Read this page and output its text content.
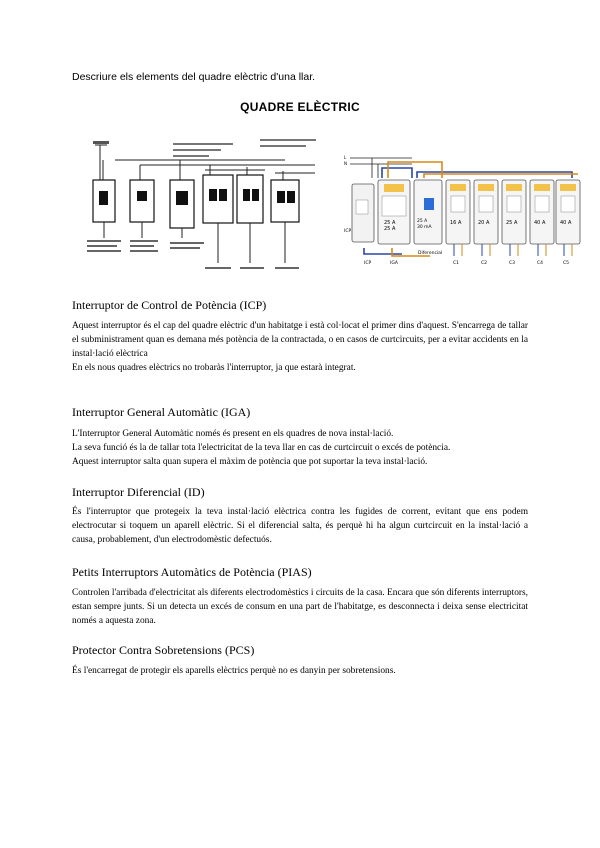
Descriure els elements del quadre elèctric d'una llar.
QUADRE ELÈCTRIC
L
N
25 A
25 A
25 A
30 mA
16 A	20 A	25 A	40 A	40 A
ICP
ICP	IGA
Diferencial
C1	C2	C3	C4	C5
Interruptor de Control de Potència (ICP)

Aquest interruptor és el cap del quadre elèctric d'un habitatge i està col·locat el primer dins d'aquest. S'encarrega de tallar el subministrament quan es demana més potència de la contractada, o en casos de curtcircuits, per a evitar accidents en la instal·lació elèctrica

En els nous quadres elèctrics no trobaràs l'interruptor, ja que estarà integrat.

Interruptor General Automàtic (IGA)

L'Interruptor General Automàtic només és present en els quadres de nova instal·lació.

La seva funció és la de tallar tota l'electricitat de la teva llar en cas de curtcircuit o excés de potència.

Aquest interruptor salta quan supera el màxim de potència que pot suportar la teva instal·lació.

Interruptor Diferencial (ID)

És l'interruptor que protegeix la teva instal·lació elèctrica contra les fugides de corrent, evitant que ens podem electrocutar si toquem un aparell elèctric. Si el diferencial salta, és perquè hi ha algun curtcircuit en la instal·lació a causa, probablement, d'un electrodomèstic defectuós.

Petits Interruptors Automàtics de Potència (PIAS)

Controlen l'arribada d'electricitat als diferents electrodomèstics i circuits de la casa. Encara que són diferents interruptors, estan sempre junts. Si un detecta un excés de consum en una part de l'habitatge, es desconnecta i deixa sense electricitat només a aquesta zona.

Protector Contra Sobretensions (PCS)

És l'encarregat de protegir els aparells elèctrics perquè no es danyin per sobretensions.
